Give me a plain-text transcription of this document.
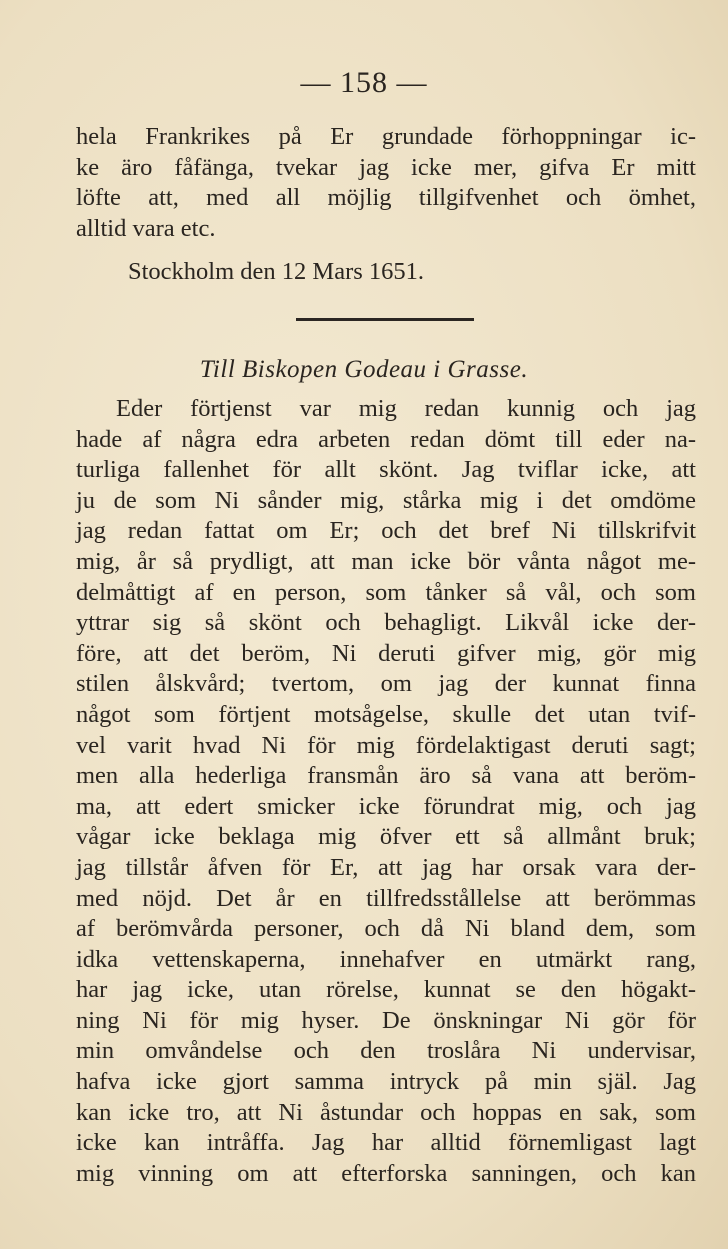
— 158 —
hela Frankrikes på Er grundade förhoppningar ic-
ke äro fåfänga, tvekar jag icke mer, gifva Er mitt
löfte att, med all möjlig tillgifvenhet och ömhet,
alltid vara etc.
Stockholm den 12 Mars 1651.
Till Biskopen Godeau i Grasse.
Eder förtjenst var mig redan kunnig och jag
hade af några edra arbeten redan dömt till eder na-
turliga fallenhet för allt skönt. Jag tviflar icke, att
ju de som Ni sånder mig, stårka mig i det omdöme
jag redan fattat om Er; och det bref Ni tillskrifvit
mig, år så prydligt, att man icke bör vånta något me-
delmåttigt af en person, som tånker så vål, och som
yttrar sig så skönt och behagligt. Likvål icke der-
före, att det beröm, Ni deruti gifver mig, gör mig
stilen ålskvård; tvertom, om jag der kunnat finna
något som förtjent motsågelse, skulle det utan tvif-
vel varit hvad Ni för mig fördelaktigast deruti sagt;
men alla hederliga fransmån äro så vana att beröm-
ma, att edert smicker icke förundrat mig, och jag
vågar icke beklaga mig öfver ett så allmånt bruk;
jag tillstår åfven för Er, att jag har orsak vara der-
med nöjd. Det år en tillfredsstållelse att berömmas
af berömvårda personer, och då Ni bland dem, som
idka vettenskaperna, innehafver en utmärkt rang,
har jag icke, utan rörelse, kunnat se den högakt-
ning Ni för mig hyser. De önskningar Ni gör för
min omvåndelse och den troslåra Ni undervisar,
hafva icke gjort samma intryck på min själ. Jag
kan icke tro, att Ni åstundar och hoppas en sak, som
icke kan intråffa. Jag har alltid förnemligast lagt
mig vinning om att efterforska sanningen, och kan
